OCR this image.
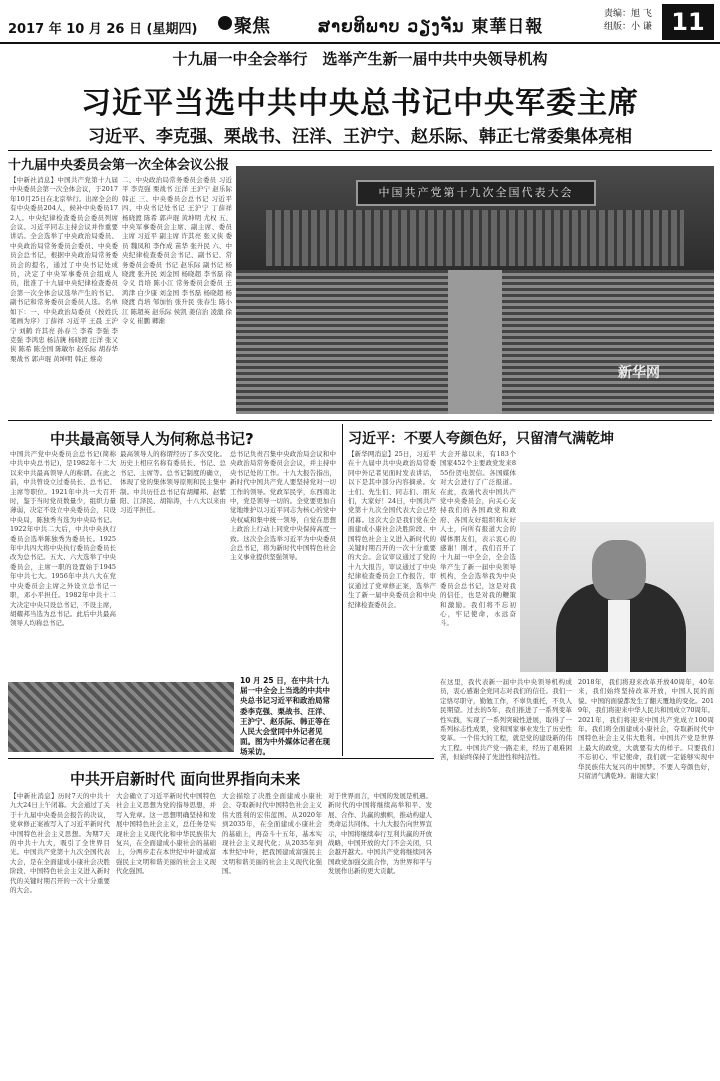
2017 年 10 月 26 日 (星期四) 聚焦	ສາຍທິພາບ ວຽງຈັນ 東華日報
责编：旭 飞
组版：小 谦 11
十九届一中全会举行　选举产生新一届中共中央领导机构
习近平当选中共中央总书记中央军委主席
习近平、李克强、栗战书、汪洋、王沪宁、赵乐际、韩正七常委集体亮相
十九届中央委员会第一次全体会议公报
【中新社消息】中国共产党第十九届中央委员会第一次全体会议，于2017年10月25日在北京举行。出席全会的有中央委员204人，候补中央委员172人。中央纪律检查委员会委员列席会议。习近平同志主持会议并作重要讲话。全会选举了中央政治局委员、中央政治局常务委员会委员、中央委员会总书记，根据中央政治局常务委员会的提名，通过了中央书记处成员，决定了中央军事委员会组成人员，批准了十九届中央纪律检查委员会第一次全体会议选举产生的书记、副书记和常务委员会委员人选。名单如下：一、中央政治局委员（按姓氏笔画为序）丁薛祥 习近平 王晨 王沪宁 刘鹤 许其亮 孙春兰 李希 李强 李克强 李鸿忠 杨洁篪 杨晓渡 汪洋 张又侠 陈希 陈全国 陈敏尔 赵乐际 胡春华 栗战书 郭声琨 黄坤明 韩正 蔡奇
二、中央政治局常务委员会委员 习近平 李克强 栗战书 汪洋 王沪宁 赵乐际 韩正 三、中央委员会总书记 习近平 四、中央书记处书记 王沪宁 丁薛祥 杨晓渡 陈希 郭声琨 黄坤明 尤权 五、中央军事委员会主席、副主席、委员 主席 习近平 副主席 许其亮 张又侠 委员 魏凤和 李作成 苗华 张升民 六、中央纪律检查委员会书记、副书记、常务委员会委员 书记 赵乐际 副书记 杨晓渡 张升民 刘金国 杨晓超 李书磊 徐令义 肖培 陈小江 常务委员会委员 王鸿津 白少康 刘金国 李书磊 杨晓超 杨晓渡 肖培 邹加怡 张升民 张春生 陈小江 陈超英 赵乐际 侯凯 姜信治 凌激 徐令义 崔鹏 卿渐
中国共产党第十九次全国代表大会
新华网
中共最高领导人为何称总书记?
中国共产党中央委员会总书记(简称中共中央总书记)，是1982年十二大以来中共最高领导人的称谓。在此之前，中共曾设立过委员长、总书记、主席等职位。1921年中共一大召开时，鉴于当时党员数量少，组织力量薄弱，决定不设立中央委员会，只设中央局，陈独秀当选为中央局书记。1922年中共二大后，中共中央执行委员会选举陈独秀为委员长。1925年中共四大将中央执行委员会委员长改为总书记。五大、六大选举了中央委员会，主席一职的设置始于1945年中共七大。1956年中共八大在党中央委员会主席之外设立总书记一职，邓小平担任。1982年中共十二大决定中央只设总书记，不设主席，胡耀邦当选为总书记。此后中共最高领导人均称总书记。
最高领导人的称谓经历了多次变化。历史上相应名称有委员长、书记、总书记、主席等。总书记制度的确立，体现了党的集体领导原则和民主集中制。中共历任总书记有胡耀邦、赵紫阳、江泽民、胡锦涛，十八大以来由习近平担任。
总书记负责召集中央政治局会议和中央政治局常务委员会会议，并主持中央书记处的工作。十九大报告指出，新时代中国共产党人要坚持党对一切工作的领导。党政军民学，东西南北中，党是领导一切的。全党要更加自觉地维护以习近平同志为核心的党中央权威和集中统一领导，自觉在思想上政治上行动上同党中央保持高度一致。这次全会选举习近平为中央委员会总书记，将为新时代中国特色社会主义事业提供坚强领导。
10 月 25 日，在中共十九届一中全会上当选的中共中央总书记习近平和政治局常委李克强、栗战书、汪洋、王沪宁、赵乐际、韩正等在人民大会堂同中外记者见面。图为中外媒体记者在现场采访。
习近平：不要人夸颜色好，只留清气满乾坤
【新华网消息】25日，习近平在十九届中共中央政治局常委同中外记者见面时发表讲话，以下是其中部分内容摘录。女士们、先生们、同志们、朋友们，大家好！24日，中国共产党第十九次全国代表大会已经闭幕。这次大会是我们党在全面建成小康社会决胜阶段、中国特色社会主义进入新时代的关键时期召开的一次十分重要的大会。会议审议通过了党的十九大报告，审议通过了中央纪律检查委员会工作报告，审议通过了党章修正案，选举产生了新一届中央委员会和中央纪律检查委员会。
大会开幕以来，有183个国家452个主要政党发来855份贺电贺信。各国媒体对大会进行了广泛报道。在此，我谨代表中国共产党中央委员会，向关心支持我们的各国政党和政府、各国友好组织和友好人士，向所有报道大会的媒体朋友们，表示衷心的感谢！刚才，我们召开了十九届一中全会，全会选举产生了新一届中央领导机构，全会选举我为中央委员会总书记，这是对我的信任，也是对我的鞭策和激励。我们将不忘初心，牢记使命，永远奋斗。
在这里，我代表新一届中共中央领导机构成员，衷心感谢全党同志对我们的信任。我们一定恪尽职守，勤勉工作，不辜负重托，不负人民期望。过去的5年，我们推进了一系列变革性实践，实现了一系列突破性进展，取得了一系列标志性成果，党和国家事业发生了历史性变革。一个伟大的工程，就是党的建设新的伟大工程。中国共产党一路走来，经历了艰难困苦，但始终保持了先进性和纯洁性。
2018年，我们将迎来改革开放40周年，40年来，我们始终坚持改革开放，中国人民的面貌、中国的面貌都发生了翻天覆地的变化。2019年，我们将迎来中华人民共和国成立70周年。2021年，我们将迎来中国共产党成立100周年。我们将全面建成小康社会，夺取新时代中国特色社会主义伟大胜利。中国共产党是世界上最大的政党，大就要有大的样子。只要我们不忘初心、牢记使命，我们就一定能够实现中华民族伟大复兴的中国梦。不要人夸颜色好，只留清气满乾坤。谢谢大家！
中共开启新时代 面向世界指向未来
【中新社消息】历时7天的中共十九大24日上午闭幕。大会通过了关于十九届中央委员会报告的决议，党章修正案被写入了习近平新时代中国特色社会主义思想。为期7天的中共十九大，吸引了全世界目光。中国共产党第十九次全国代表大会，是在全面建成小康社会决胜阶段、中国特色社会主义进入新时代的关键时期召开的一次十分重要的大会。
大会确立了习近平新时代中国特色社会主义思想为党的指导思想，并写入党章。这一思想明确坚持和发展中国特色社会主义，总任务是实现社会主义现代化和中华民族伟大复兴，在全面建成小康社会的基础上，分两步走在本世纪中叶建成富强民主文明和谐美丽的社会主义现代化强国。
大会描绘了决胜全面建成小康社会、夺取新时代中国特色社会主义伟大胜利的宏伟蓝图。从2020年到2035年，在全面建成小康社会的基础上，再奋斗十五年，基本实现社会主义现代化；从2035年到本世纪中叶，把我国建成富强民主文明和谐美丽的社会主义现代化强国。
对于世界而言，中国的发展是机遇。新时代的中国将继续高举和平、发展、合作、共赢的旗帜，推动构建人类命运共同体。十九大报告向世界宣示，中国将继续奉行互利共赢的开放战略，中国开放的大门不会关闭，只会越开越大。中国共产党将继续同各国政党加强交流合作，为世界和平与发展作出新的更大贡献。
